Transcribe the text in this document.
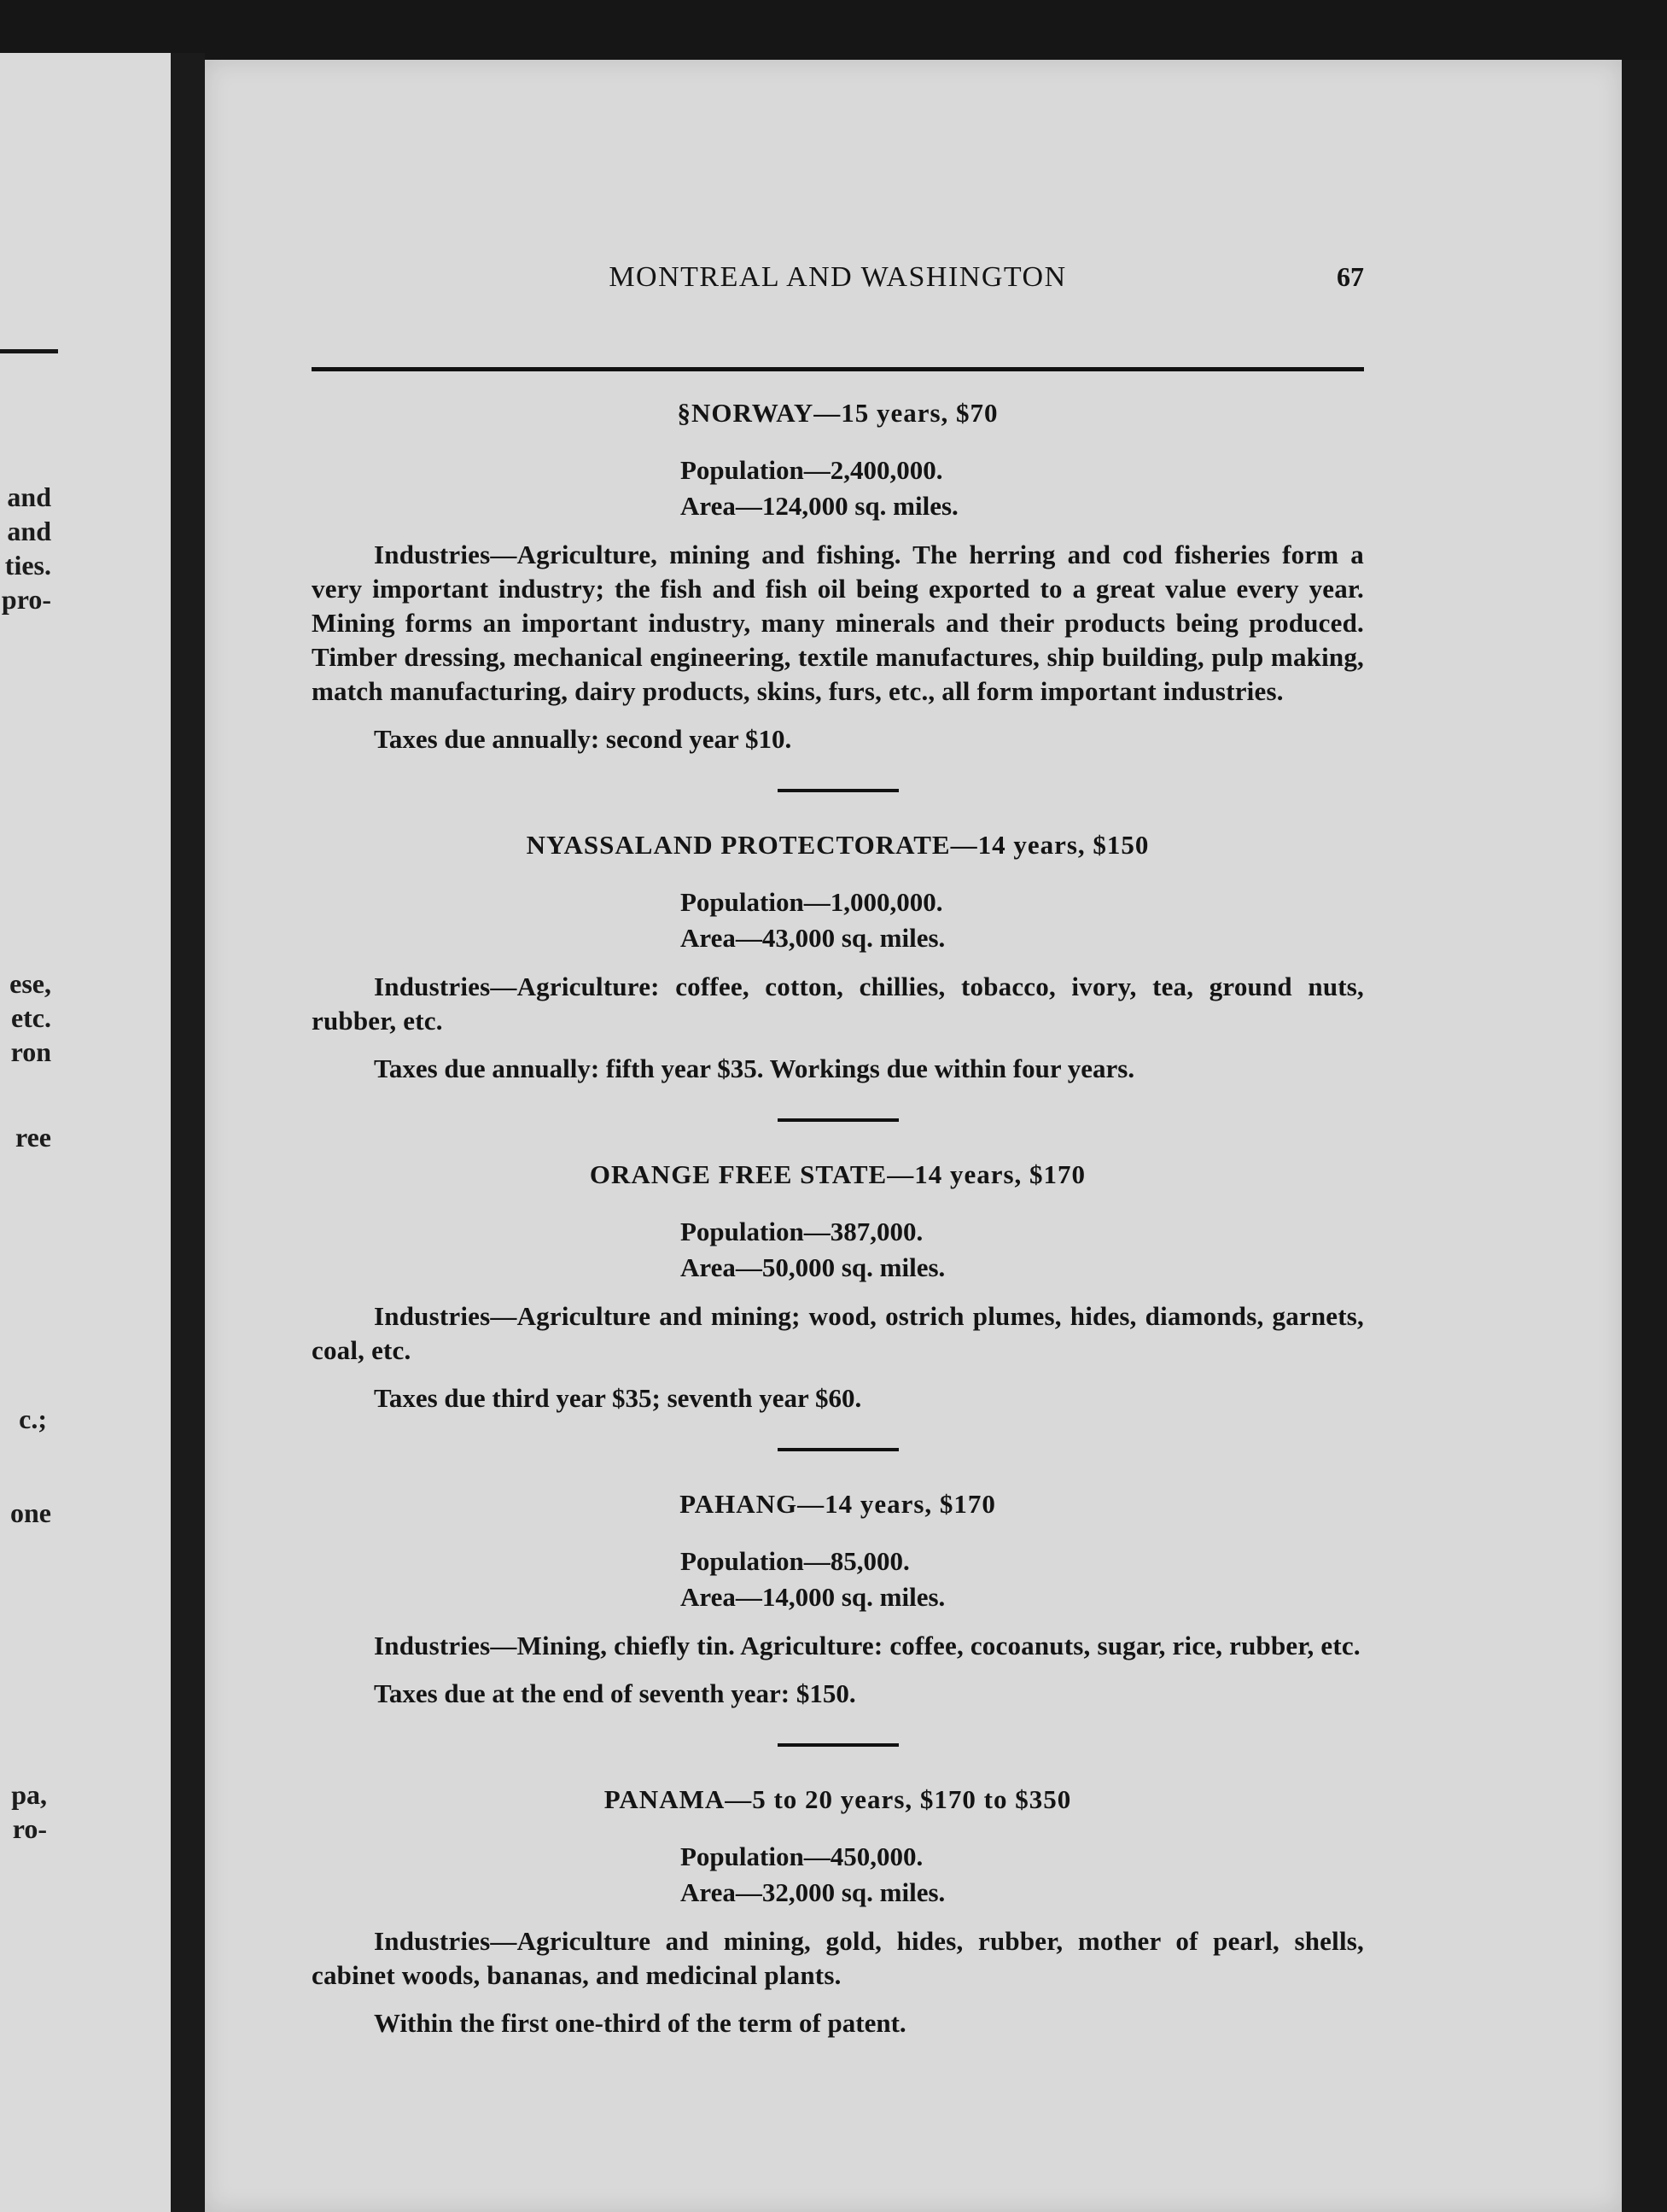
and
and
ties.
pro-
ese,
etc.
ron
ree
c.;
one
pa,
ro-
MONTREAL AND WASHINGTON	67
§NORWAY—15 years, $70
Population—2,400,000.
Area—124,000 sq. miles.

Industries—Agriculture, mining and fishing. The herring and cod fisheries form a very important industry; the fish and fish oil being exported to a great value every year. Mining forms an important industry, many minerals and their products being produced. Timber dressing, mechanical engineering, textile manufactures, ship building, pulp making, match manufacturing, dairy products, skins, furs, etc., all form important industries.

Taxes due annually: second year $10.

NYASSALAND PROTECTORATE—14 years, $150
Population—1,000,000.
Area—43,000 sq. miles.

Industries—Agriculture: coffee, cotton, chillies, tobacco, ivory, tea, ground nuts, rubber, etc.

Taxes due annually: fifth year $35. Workings due within four years.

ORANGE FREE STATE—14 years, $170
Population—387,000.
Area—50,000 sq. miles.

Industries—Agriculture and mining; wood, ostrich plumes, hides, diamonds, garnets, coal, etc.

Taxes due third year $35; seventh year $60.

PAHANG—14 years, $170
Population—85,000.
Area—14,000 sq. miles.

Industries—Mining, chiefly tin. Agriculture: coffee, cocoanuts, sugar, rice, rubber, etc.

Taxes due at the end of seventh year: $150.

PANAMA—5 to 20 years, $170 to $350
Population—450,000.
Area—32,000 sq. miles.

Industries—Agriculture and mining, gold, hides, rubber, mother of pearl, shells, cabinet woods, bananas, and medicinal plants.

Within the first one-third of the term of patent.
